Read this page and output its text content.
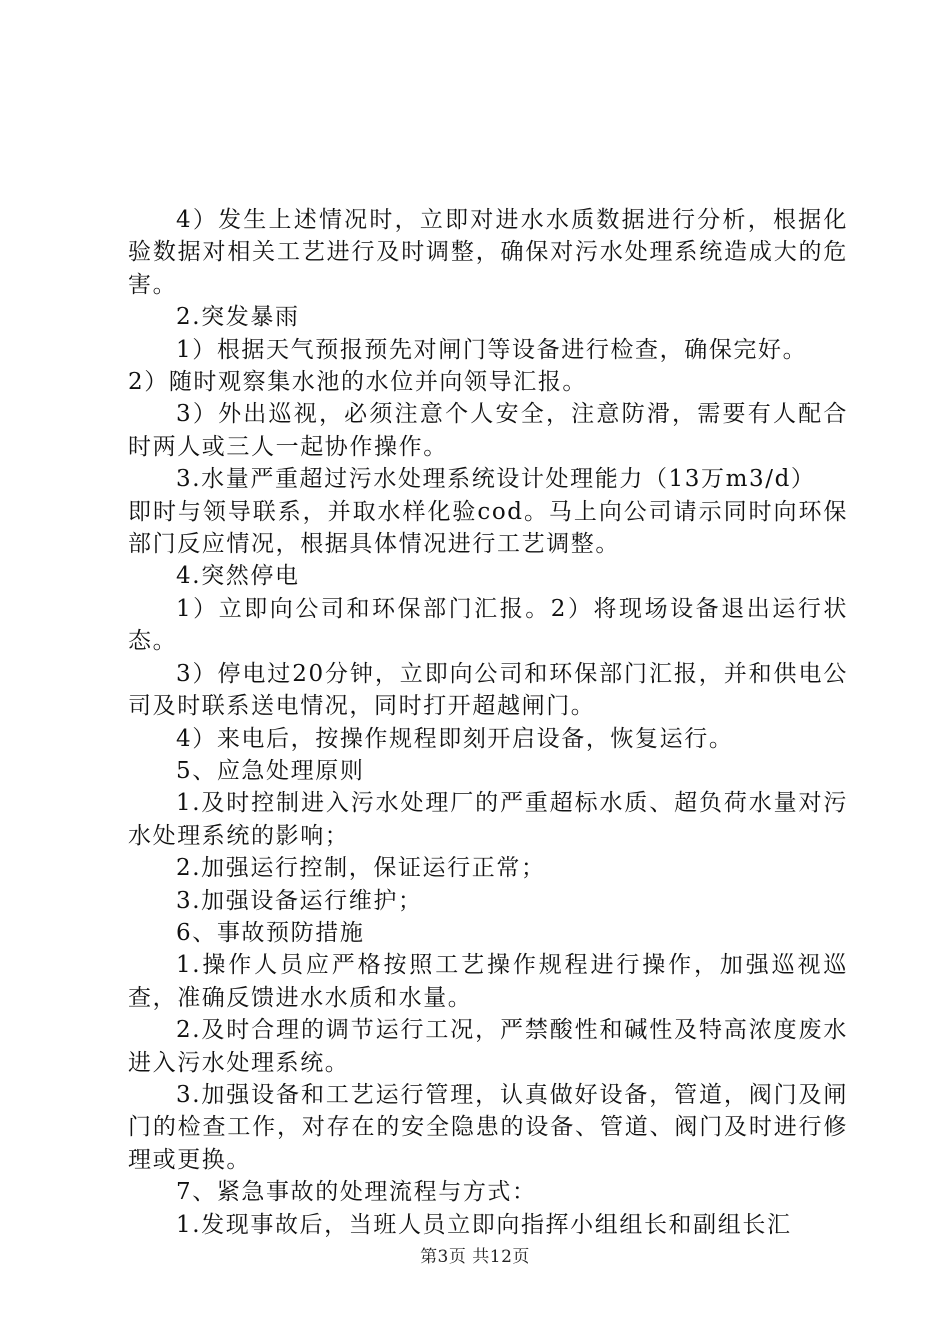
4）发生上述情况时，立即对进水水质数据进行分析，根据化验数据对相关工艺进行及时调整，确保对污水处理系统造成大的危害。

2.突发暴雨

1）根据天气预报预先对闸门等设备进行检查，确保完好。

2）随时观察集水池的水位并向领导汇报。

3）外出巡视，必须注意个人安全，注意防滑，需要有人配合时两人或三人一起协作操作。

3.水量严重超过污水处理系统设计处理能力（13万m3/d）

即时与领导联系，并取水样化验cod。马上向公司请示同时向环保部门反应情况，根据具体情况进行工艺调整。

4.突然停电

1）立即向公司和环保部门汇报。2）将现场设备退出运行状态。

3）停电过20分钟，立即向公司和环保部门汇报，并和供电公司及时联系送电情况，同时打开超越闸门。

4）来电后，按操作规程即刻开启设备，恢复运行。

5、应急处理原则

1.及时控制进入污水处理厂的严重超标水质、超负荷水量对污水处理系统的影响；

2.加强运行控制，保证运行正常；

3.加强设备运行维护；

6、事故预防措施

1.操作人员应严格按照工艺操作规程进行操作，加强巡视巡查，准确反馈进水水质和水量。

2.及时合理的调节运行工况，严禁酸性和碱性及特高浓度废水进入污水处理系统。

3.加强设备和工艺运行管理，认真做好设备，管道，阀门及闸门的检查工作，对存在的安全隐患的设备、管道、阀门及时进行修理或更换。

7、紧急事故的处理流程与方式：

1.发现事故后，当班人员立即向指挥小组组长和副组长汇

第3页 共12页
